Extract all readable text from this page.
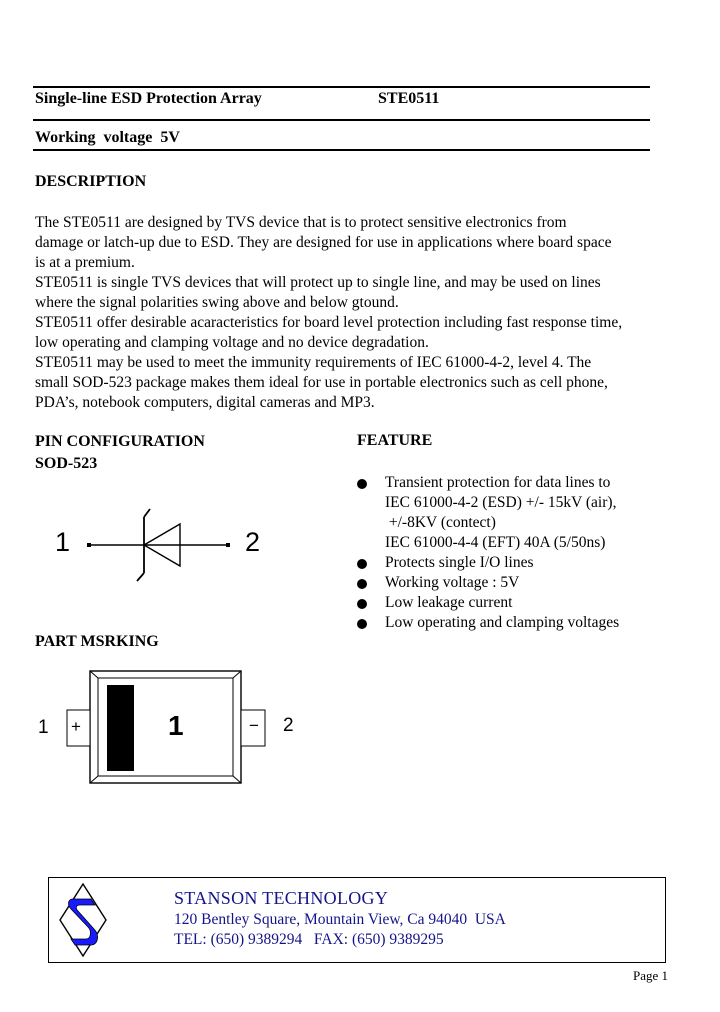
Single-line ESD Protection Array	STE0511
Working  voltage  5V
DESCRIPTION
The STE0511 are designed by TVS device that is to protect sensitive electronics from
damage or latch-up due to ESD. They are designed for use in applications where board space
is at a premium.
STE0511 is single TVS devices that will protect up to single line, and may be used on lines
where the signal polarities swing above and below gtound.
STE0511 offer desirable acaracteristics for board level protection including fast response time,
low operating and clamping voltage and no device degradation.
STE0511 may be used to meet the immunity requirements of IEC 61000-4-2, level 4. The
small SOD-523 package makes them ideal for use in portable electronics such as cell phone,
PDA’s, notebook computers, digital cameras and MP3.
PIN CONFIGURATION
SOD-523
1	2
FEATURE
Transient protection for data lines to
IEC 61000-4-2 (ESD) +/- 15kV (air),
+/-8KV (contect)
IEC 61000-4-4 (EFT) 40A (5/50ns)
Protects single I/O lines
Working voltage : 5V
Low leakage current
Low operating and clamping voltages
PART MSRKING
1 +	1	− 2
STANSON TECHNOLOGY
120 Bentley Square, Mountain View, Ca 94040  USA
TEL: (650) 9389294   FAX: (650) 9389295
Page 1
